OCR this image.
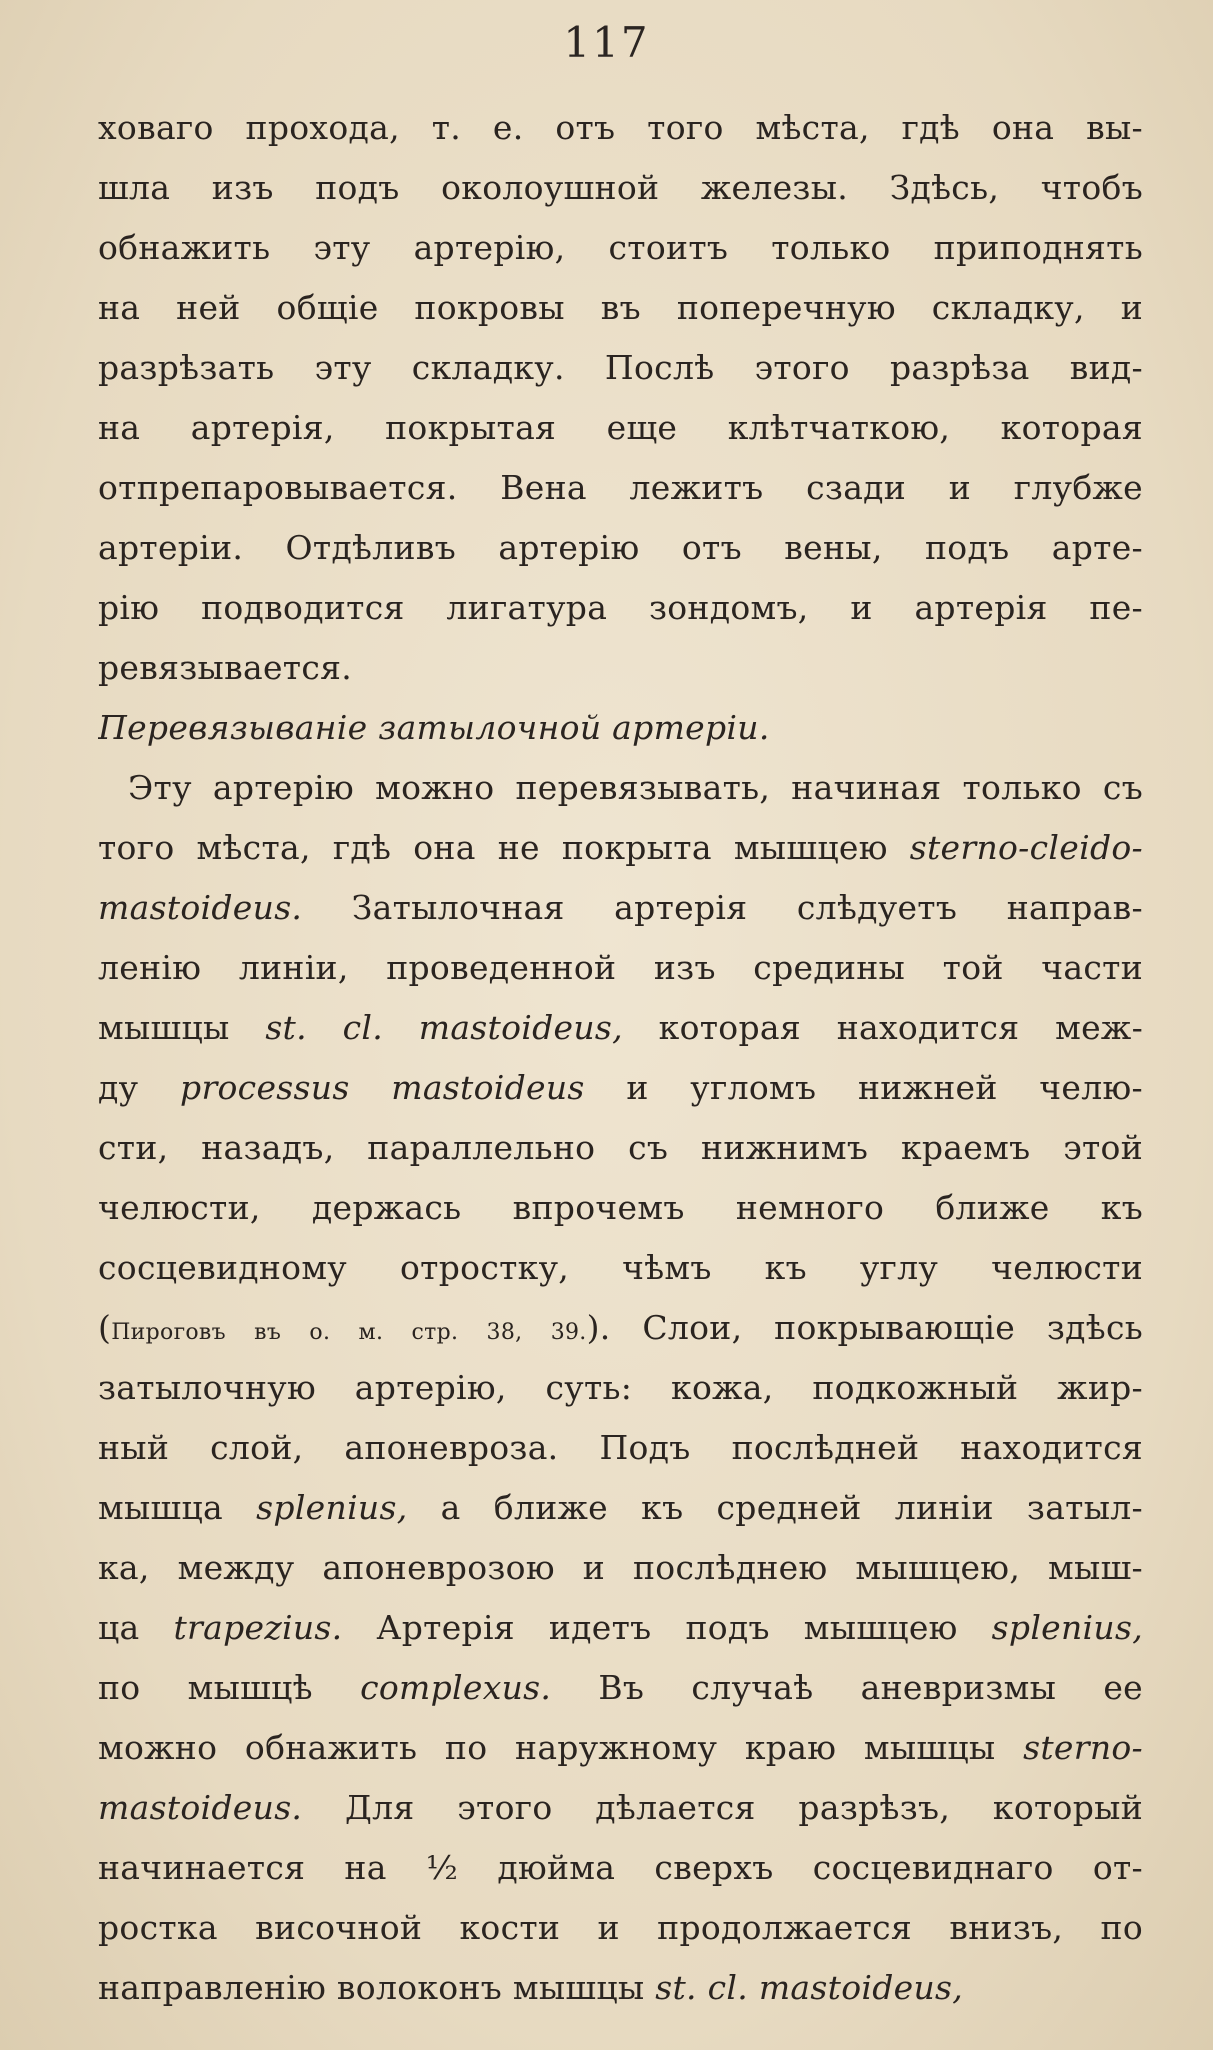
117
ховаго прохода, т. е. отъ того мѣста, гдѣ она вы-
шла изъ подъ околоушной железы. Здѣсь, чтобъ
обнажить эту артерію, стоитъ только приподнять
на ней общіе покровы въ поперечную складку, и
разрѣзать эту складку. Послѣ этого разрѣза вид-
на артерія, покрытая еще клѣтчаткою, которая
отпрепаровывается. Вена лежитъ сзади и глубже
артеріи. Отдѣливъ артерію отъ вены, подъ арте-
рію подводится лигатура зондомъ, и артерія пе-
ревязывается.
Перевязываніе затылочной артеріи.
Эту артерію можно перевязывать, начиная только съ
того мѣста, гдѣ она не покрыта мышцею sterno-cleido-
mastoideus. Затылочная артерія слѣдуетъ направ-
ленію линіи, проведенной изъ средины той части
мышцы st. cl. mastoideus, которая находится меж-
ду processus mastoideus и угломъ нижней челю-
сти, назадъ, параллельно съ нижнимъ краемъ этой
челюсти, держась впрочемъ немного ближе къ
сосцевидному отростку, чѣмъ къ углу челюсти
(Пироговъ въ о. м. стр. 38, 39.). Слои, покрывающіе здѣсь
затылочную артерію, суть: кожа, подкожный жир-
ный слой, апоневроза. Подъ послѣдней находится
мышца splenius, а ближе къ средней линіи затыл-
ка, между апоневрозою и послѣднею мышцею, мыш-
ца trapezius. Артерія идетъ подъ мышцею splenius,
по мышцѣ complexus. Въ случаѣ аневризмы ее
можно обнажить по наружному краю мышцы sterno-
mastoideus. Для этого дѣлается разрѣзъ, который
начинается на ½ дюйма сверхъ сосцевиднаго от-
ростка височной кости и продолжается внизъ, по
направленію волоконъ мышцы st. cl. mastoideus,
